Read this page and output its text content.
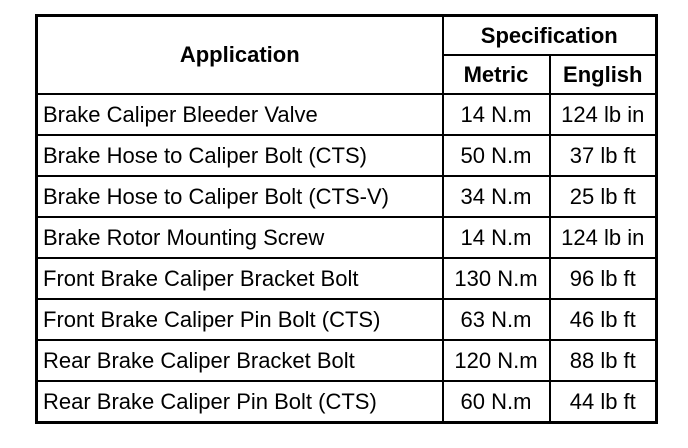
Application	Specification	
	Metric	English
Brake Caliper Bleeder Valve	14 N.m	124 lb in
Brake Hose to Caliper Bolt (CTS)	50 N.m	37 lb ft
Brake Hose to Caliper Bolt (CTS-V)	34 N.m	25 lb ft
Brake Rotor Mounting Screw	14 N.m	124 lb in
Front Brake Caliper Bracket Bolt	130 N.m	96 lb ft
Front Brake Caliper Pin Bolt (CTS)	63 N.m	46 lb ft
Rear Brake Caliper Bracket Bolt	120 N.m	88 lb ft
Rear Brake Caliper Pin Bolt (CTS)	60 N.m	44 lb ft
